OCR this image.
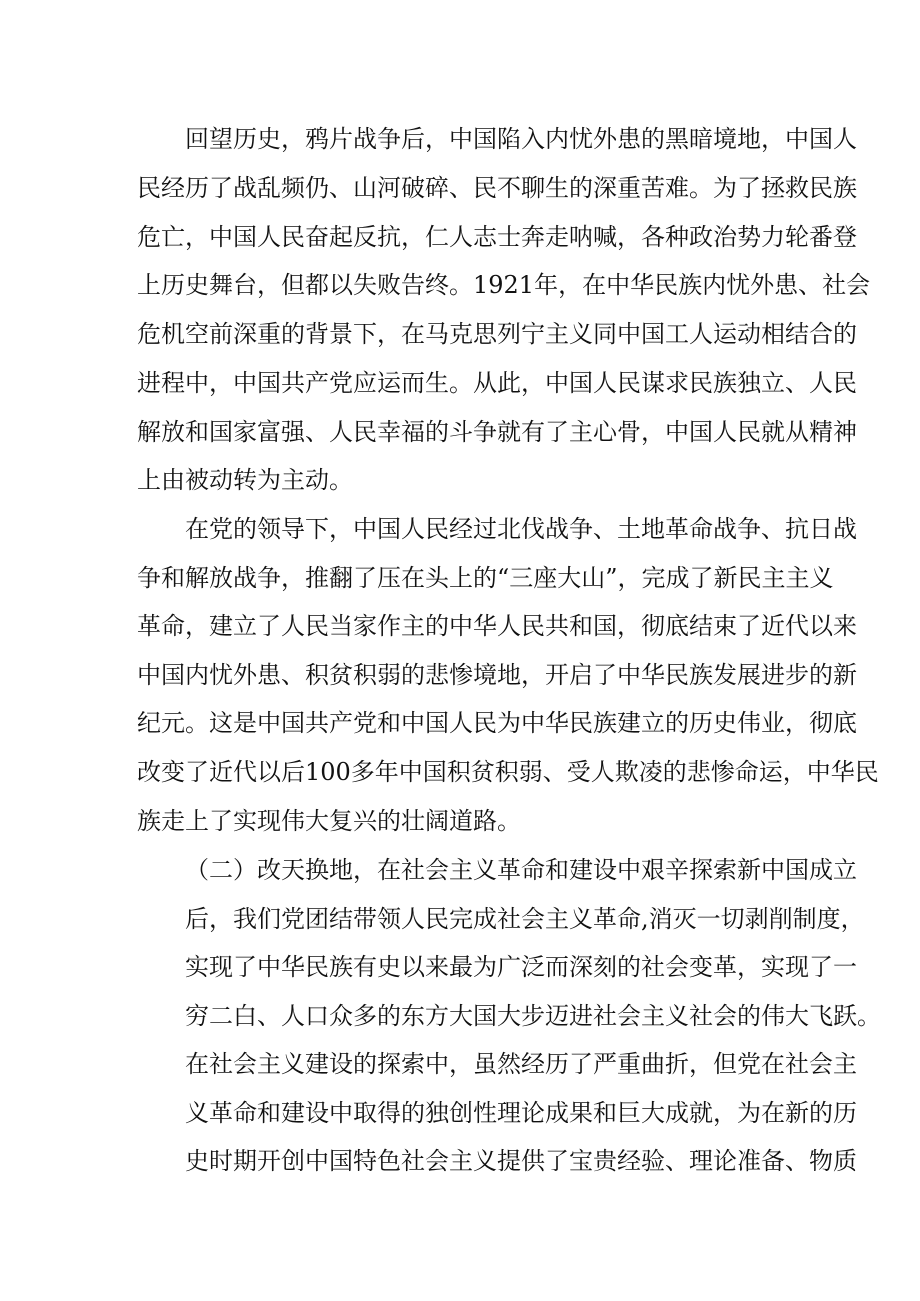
回望历史，鸦片战争后，中国陷入内忧外患的黑暗境地，中国人
民经历了战乱频仍、山河破碎、民不聊生的深重苦难。为了拯救民族
危亡，中国人民奋起反抗，仁人志士奔走呐喊，各种政治势力轮番登
上历史舞台，但都以失败告终。1921年，在中华民族内忧外患、社会
危机空前深重的背景下，在马克思列宁主义同中国工人运动相结合的
进程中，中国共产党应运而生。从此，中国人民谋求民族独立、人民
解放和国家富强、人民幸福的斗争就有了主心骨，中国人民就从精神
上由被动转为主动。
在党的领导下，中国人民经过北伐战争、土地革命战争、抗日战
争和解放战争，推翻了压在头上的“三座大山”，完成了新民主主义
革命，建立了人民当家作主的中华人民共和国，彻底结束了近代以来
中国内忧外患、积贫积弱的悲惨境地，开启了中华民族发展进步的新
纪元。这是中国共产党和中国人民为中华民族建立的历史伟业，彻底
改变了近代以后100多年中国积贫积弱、受人欺凌的悲惨命运，中华民
族走上了实现伟大复兴的壮阔道路。
（二）改天换地，在社会主义革命和建设中艰辛探索新中国成立
后，我们党团结带领人民完成社会主义革命,消灭一切剥削制度，
实现了中华民族有史以来最为广泛而深刻的社会变革，实现了一
穷二白、人口众多的东方大国大步迈进社会主义社会的伟大飞跃。
在社会主义建设的探索中，虽然经历了严重曲折，但党在社会主
义革命和建设中取得的独创性理论成果和巨大成就，为在新的历
史时期开创中国特色社会主义提供了宝贵经验、理论准备、物质
